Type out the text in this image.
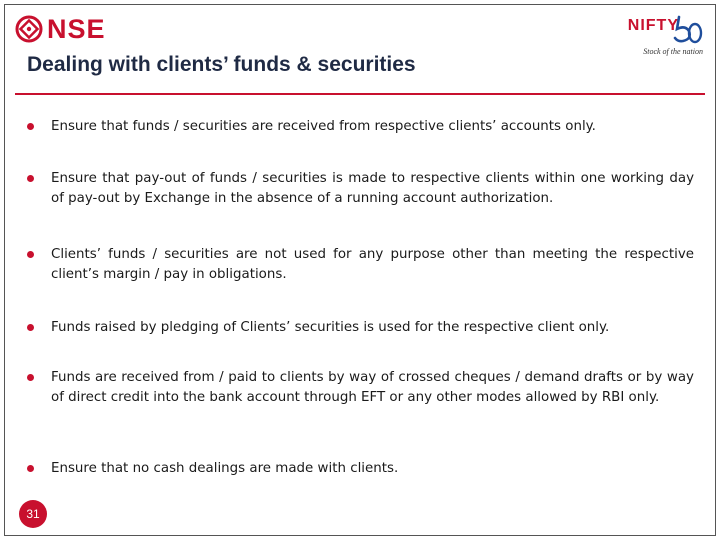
NSE	NIFTY
Stock of the nation
Dealing with clients’ funds & securities
Ensure that funds / securities are received from respective clients’ accounts only.
Ensure that pay-out of funds / securities is made to respective clients within one working day of pay-out by Exchange in the absence of a running account authorization.
Clients’ funds / securities are not used for any purpose other than meeting the respective client’s margin / pay in obligations.
Funds raised by pledging of Clients’ securities is used for the respective client only.
Funds are received from / paid to clients by way of crossed cheques / demand drafts or by way of direct credit into the bank account through EFT or any other modes allowed by RBI only.
Ensure that no cash dealings are made with clients.
31
